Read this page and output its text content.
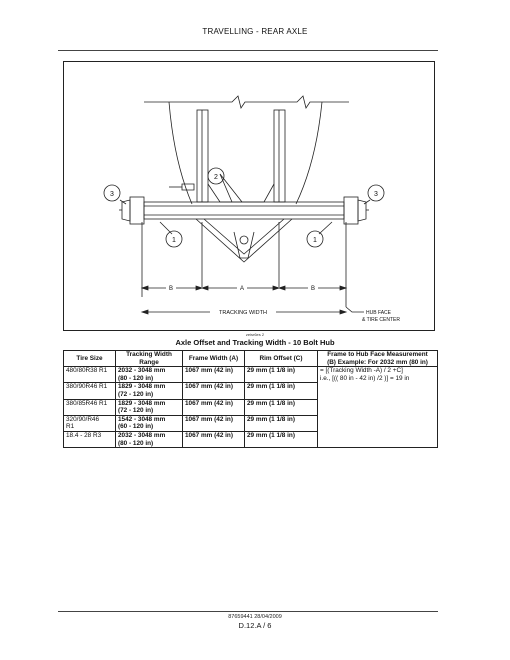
TRAVELLING - REAR AXLE
3	3
1	1
2
B	A	B
TRACKING WIDTH	HUB FACE
& TIRE CENTER
zeisr6es 2
Axle Offset and Tracking Width - 10 Bolt Hub
Tire Size	Tracking Width
Range	Frame Width (A)	Rim Offset (C)	Frame to Hub Face Measurement
(B) Example: For 2032 mm (80 in)

480/80R38 R1	2032 - 3048 mm
(80 - 120 in)	1067 mm (42 in)	29 mm (1 1/8 in)	= [(Tracking Width -A) / 2 +C]
i.e., [(( 80 in - 42 in) /2 )] = 19 in

380/90R46 R1	1829 - 3048 mm
(72 - 120 in)	1067 mm (42 in)	29 mm (1 1/8 in)	
380/85R46 R1	1829 - 3048 mm
(72 - 120 in)	1067 mm (42 in)	29 mm (1 1/8 in)	

320/90/R46
R1	1542 - 3048 mm
(60 - 120 in)	1067 mm (42 in)	29 mm (1 1/8 in)	
18.4 - 28 R3	2032 - 3048 mm
(80 - 120 in)	1067 mm (42 in)	29 mm (1 1/8 in)	
87659441 28/04/2009
D.12.A / 6
